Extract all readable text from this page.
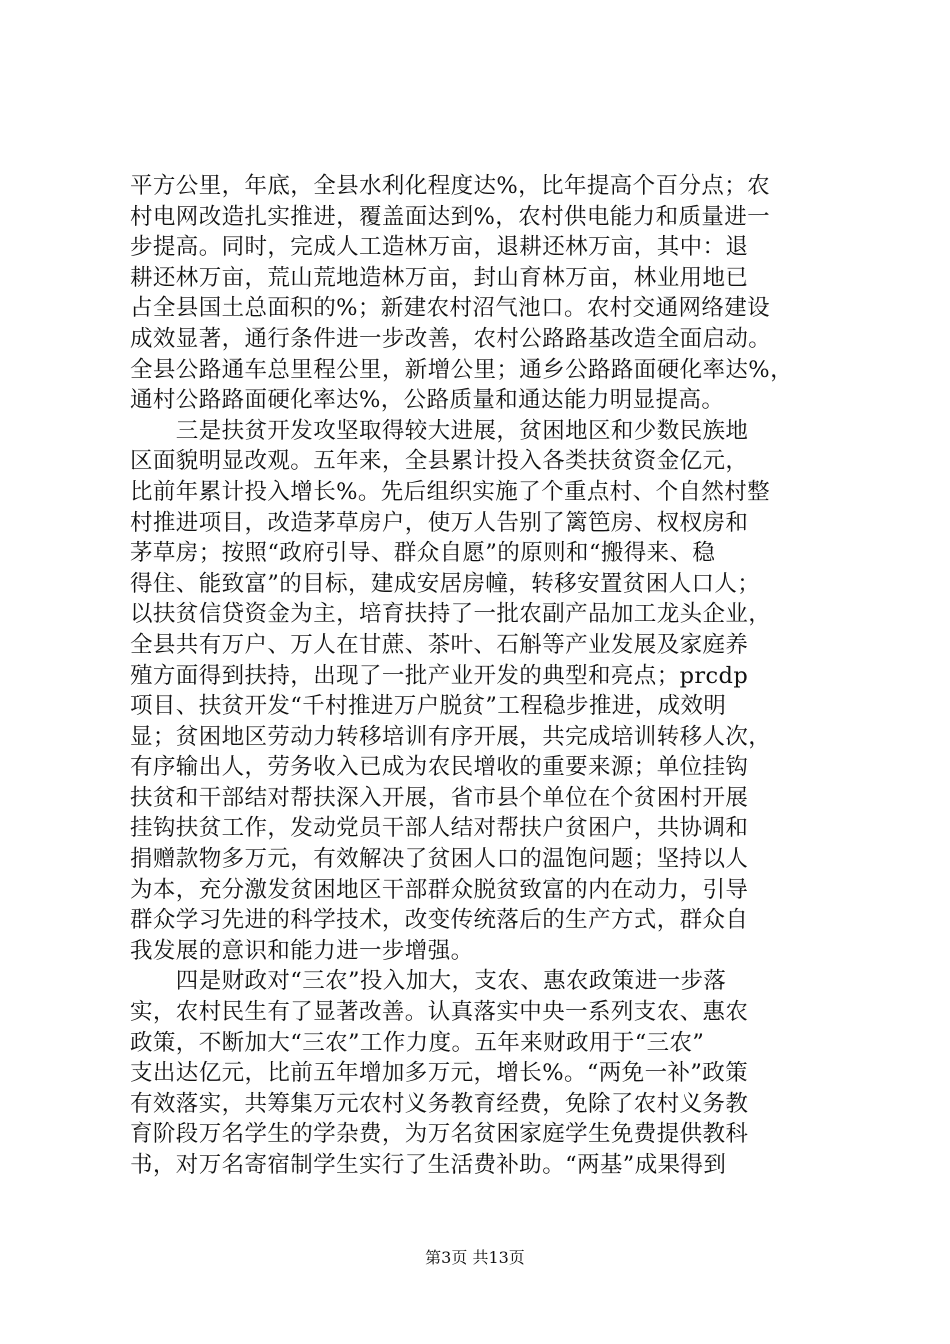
平方公里，年底，全县水利化程度达%，比年提高个百分点；农
村电网改造扎实推进，覆盖面达到%，农村供电能力和质量进一
步提高。同时，完成人工造林万亩，退耕还林万亩，其中：退
耕还林万亩，荒山荒地造林万亩，封山育林万亩，林业用地已
占全县国土总面积的%；新建农村沼气池口。农村交通网络建设
成效显著，通行条件进一步改善，农村公路路基改造全面启动。
全县公路通车总里程公里，新增公里；通乡公路路面硬化率达%，
通村公路路面硬化率达%，公路质量和通达能力明显提高。
　　三是扶贫开发攻坚取得较大进展，贫困地区和少数民族地
区面貌明显改观。五年来，全县累计投入各类扶贫资金亿元，
比前年累计投入增长%。先后组织实施了个重点村、个自然村整
村推进项目，改造茅草房户，使万人告别了篱笆房、杈杈房和
茅草房；按照“政府引导、群众自愿”的原则和“搬得来、稳
得住、能致富”的目标，建成安居房幢，转移安置贫困人口人；
以扶贫信贷资金为主，培育扶持了一批农副产品加工龙头企业，
全县共有万户、万人在甘蔗、茶叶、石斛等产业发展及家庭养
殖方面得到扶持，出现了一批产业开发的典型和亮点；prcdp
项目、扶贫开发“千村推进万户脱贫”工程稳步推进，成效明
显；贫困地区劳动力转移培训有序开展，共完成培训转移人次，
有序输出人，劳务收入已成为农民增收的重要来源；单位挂钩
扶贫和干部结对帮扶深入开展，省市县个单位在个贫困村开展
挂钩扶贫工作，发动党员干部人结对帮扶户贫困户，共协调和
捐赠款物多万元，有效解决了贫困人口的温饱问题；坚持以人
为本，充分激发贫困地区干部群众脱贫致富的内在动力，引导
群众学习先进的科学技术，改变传统落后的生产方式，群众自
我发展的意识和能力进一步增强。
　　四是财政对“三农”投入加大，支农、惠农政策进一步落
实，农村民生有了显著改善。认真落实中央一系列支农、惠农
政策，不断加大“三农”工作力度。五年来财政用于“三农”
支出达亿元，比前五年增加多万元，增长%。“两免一补”政策
有效落实，共筹集万元农村义务教育经费，免除了农村义务教
育阶段万名学生的学杂费，为万名贫困家庭学生免费提供教科
书，对万名寄宿制学生实行了生活费补助。“两基”成果得到
第3页 共13页
